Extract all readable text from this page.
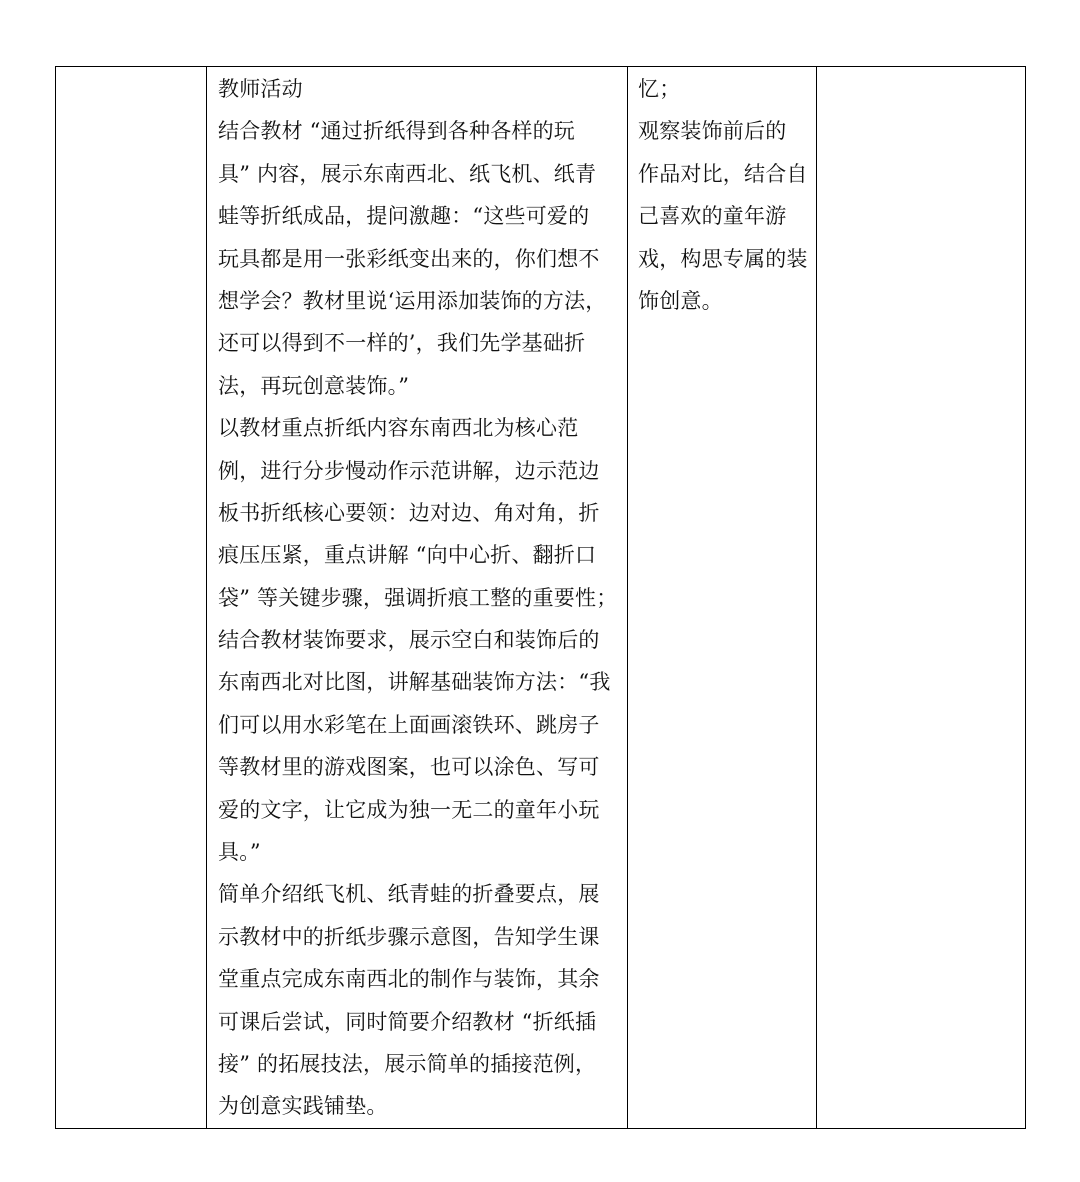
教师活动
结合教材 “通过折纸得到各种各样的玩
具” 内容，展示东南西北、纸飞机、纸青
蛙等折纸成品，提问激趣：“这些可爱的
玩具都是用一张彩纸变出来的，你们想不
想学会？教材里说‘运用添加装饰的方法，
还可以得到不一样的’，我们先学基础折
法，再玩创意装饰。”
以教材重点折纸内容东南西北为核心范
例，进行分步慢动作示范讲解，边示范边
板书折纸核心要领：边对边、角对角，折
痕压压紧，重点讲解 “向中心折、翻折口
袋” 等关键步骤，强调折痕工整的重要性；
结合教材装饰要求，展示空白和装饰后的
东南西北对比图，讲解基础装饰方法：“我
们可以用水彩笔在上面画滚铁环、跳房子
等教材里的游戏图案，也可以涂色、写可
爱的文字，让它成为独一无二的童年小玩
具。”
简单介绍纸飞机、纸青蛙的折叠要点，展
示教材中的折纸步骤示意图，告知学生课
堂重点完成东南西北的制作与装饰，其余
可课后尝试，同时简要介绍教材 “折纸插
接” 的拓展技法，展示简单的插接范例，
为创意实践铺垫。

忆；
观察装饰前后的
作品对比，结合自
己喜欢的童年游
戏，构思专属的装
饰创意。
